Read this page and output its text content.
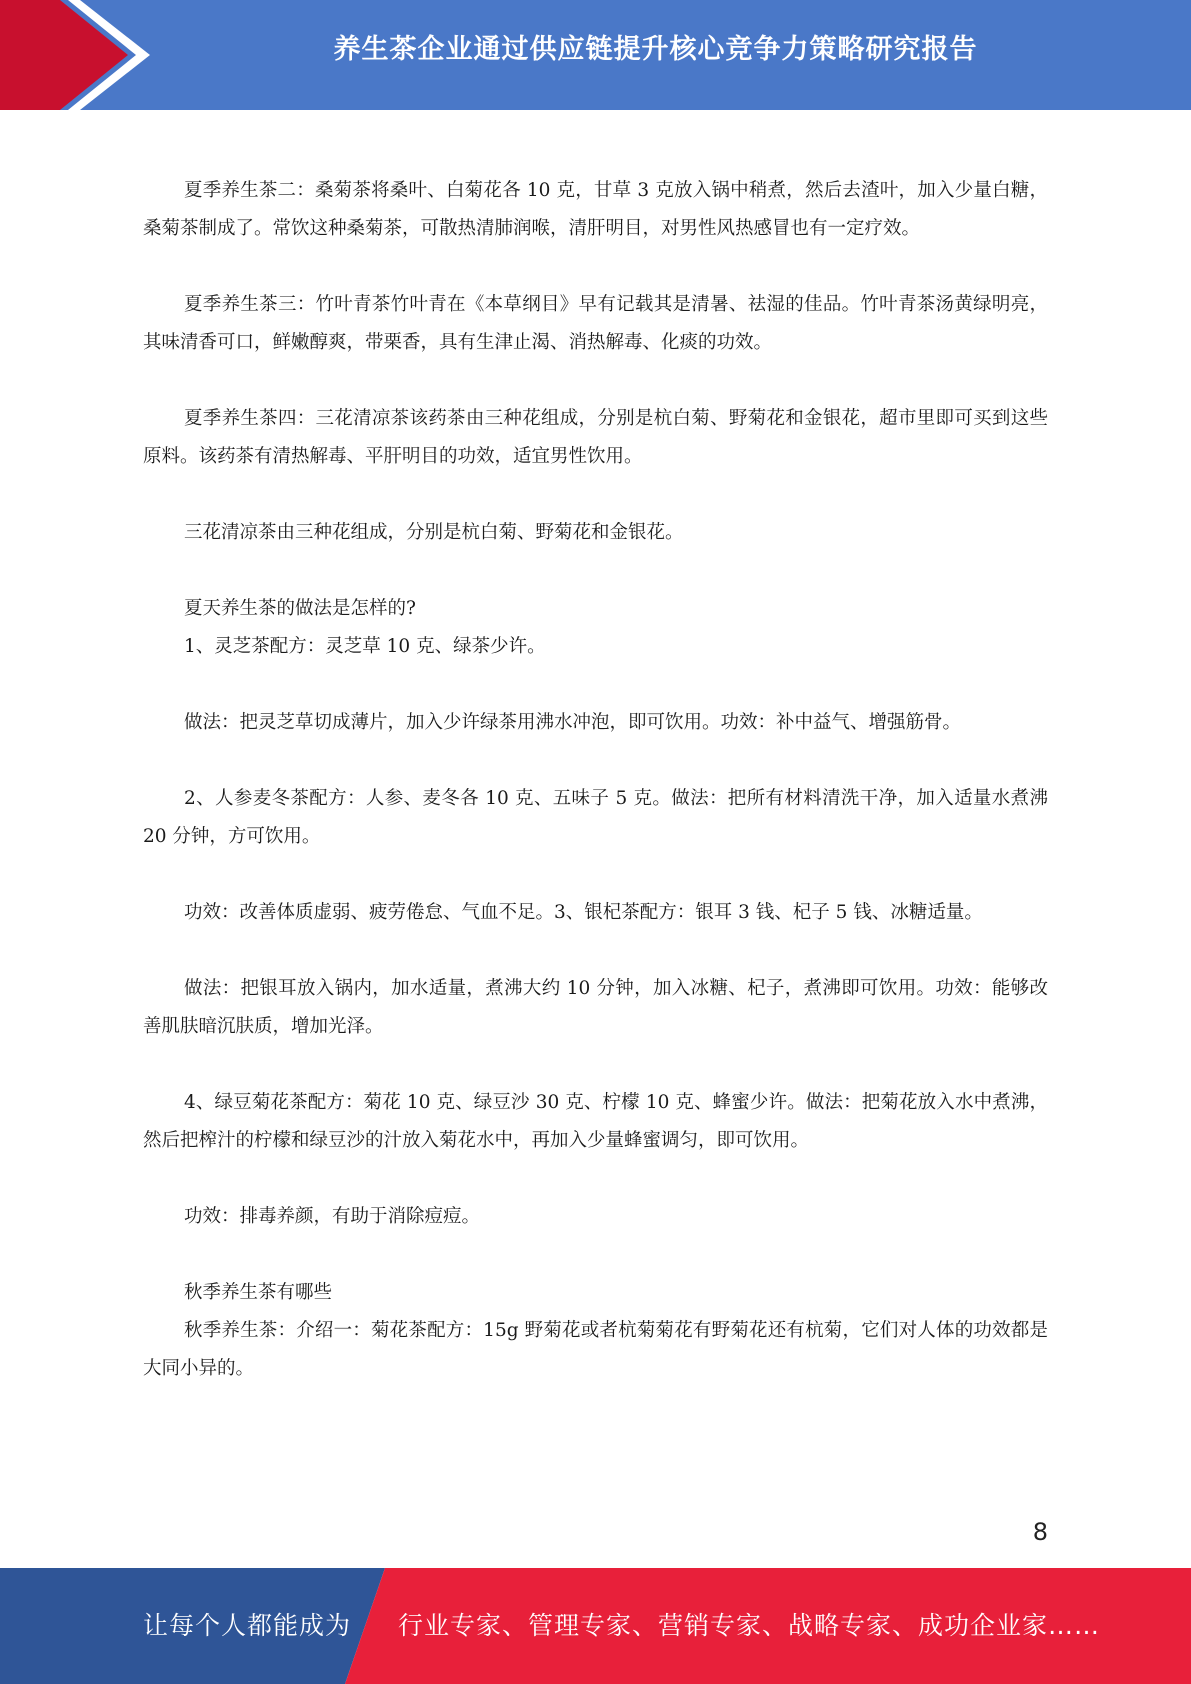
养生茶企业通过供应链提升核心竞争力策略研究报告

夏季养生茶二：桑菊茶将桑叶、白菊花各 10 克，甘草 3 克放入锅中稍煮，然后去渣叶，加入少量白糖，桑菊茶制成了。常饮这种桑菊茶，可散热清肺润喉，清肝明目，对男性风热感冒也有一定疗效。

夏季养生茶三：竹叶青茶竹叶青在《本草纲目》早有记载其是清暑、祛湿的佳品。竹叶青茶汤黄绿明亮，其味清香可口，鲜嫩醇爽，带栗香，具有生津止渴、消热解毒、化痰的功效。

夏季养生茶四：三花清凉茶该药茶由三种花组成，分别是杭白菊、野菊花和金银花，超市里即可买到这些原料。该药茶有清热解毒、平肝明目的功效，适宜男性饮用。

三花清凉茶由三种花组成，分别是杭白菊、野菊花和金银花。

夏天养生茶的做法是怎样的?

1、灵芝茶配方：灵芝草 10 克、绿茶少许。

做法：把灵芝草切成薄片，加入少许绿茶用沸水冲泡，即可饮用。功效：补中益气、增强筋骨。

2、人参麦冬茶配方：人参、麦冬各 10 克、五味子 5 克。做法：把所有材料清洗干净，加入适量水煮沸 20 分钟，方可饮用。

功效：改善体质虚弱、疲劳倦怠、气血不足。3、银杞茶配方：银耳 3 钱、杞子 5 钱、冰糖适量。

做法：把银耳放入锅内，加水适量，煮沸大约 10 分钟，加入冰糖、杞子，煮沸即可饮用。功效：能够改善肌肤暗沉肤质，增加光泽。

4、绿豆菊花茶配方：菊花 10 克、绿豆沙 30 克、柠檬 10 克、蜂蜜少许。做法：把菊花放入水中煮沸，然后把榨汁的柠檬和绿豆沙的汁放入菊花水中，再加入少量蜂蜜调匀，即可饮用。

功效：排毒养颜，有助于消除痘痘。

秋季养生茶有哪些

秋季养生茶：介绍一：菊花茶配方：15g 野菊花或者杭菊菊花有野菊花还有杭菊，它们对人体的功效都是大同小异的。

8
让每个人都能成为 行业专家、管理专家、营销专家、战略专家、成功企业家……
